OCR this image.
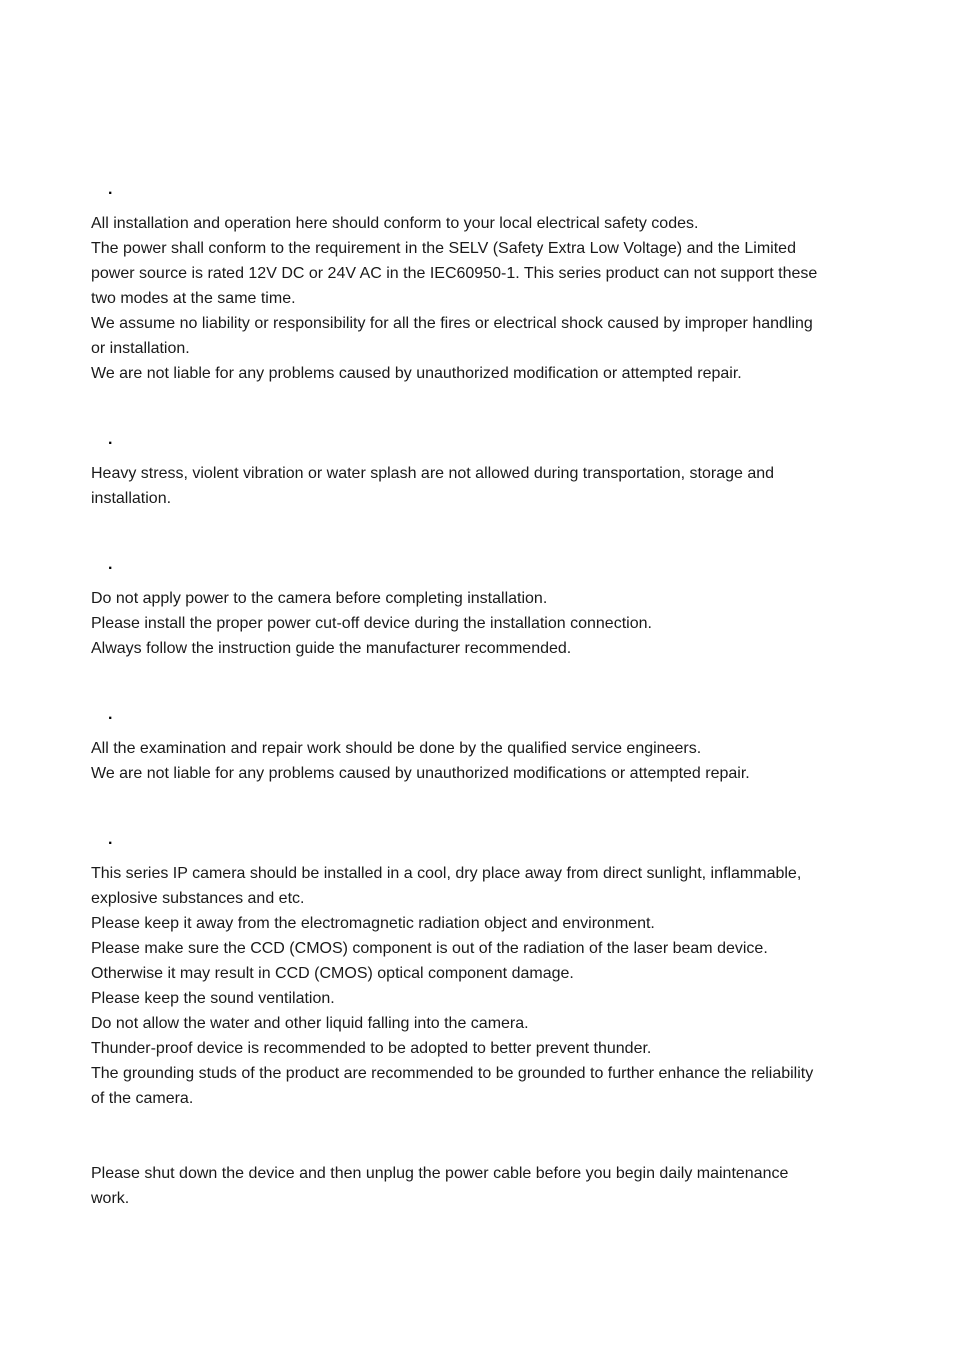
.

All installation and operation here should conform to your local electrical safety codes.

The power shall conform to the requirement in the SELV (Safety Extra Low Voltage) and the Limited

power source is rated 12V DC or 24V AC in the IEC60950-1. This series product can not support these

two modes at the same time.

We assume no liability or responsibility for all the fires or electrical shock caused by improper handling

or installation.

We are not liable for any problems caused by unauthorized modification or attempted repair.

.

Heavy stress, violent vibration or water splash are not allowed during transportation, storage and

installation.

.

Do not apply power to the camera before completing installation.

Please install the proper power cut-off device during the installation connection.

Always follow the instruction guide the manufacturer recommended.

.

All the examination and repair work should be done by the qualified service engineers.

We are not liable for any problems caused by unauthorized modifications or attempted repair.

.

This series IP camera should be installed in a cool, dry place away from direct sunlight, inflammable,

explosive substances and etc.

Please keep it away from the electromagnetic radiation object and environment.

Please make sure the CCD (CMOS) component is out of the radiation of the laser beam device.

Otherwise it may result in CCD (CMOS) optical component damage.

Please keep the sound ventilation.

Do not allow the water and other liquid falling into the camera.

Thunder-proof device is recommended to be adopted to better prevent thunder.

The grounding studs of the product are recommended to be grounded to further enhance the reliability

of the camera.

Please shut down the device and then unplug the power cable before you begin daily maintenance

work.
